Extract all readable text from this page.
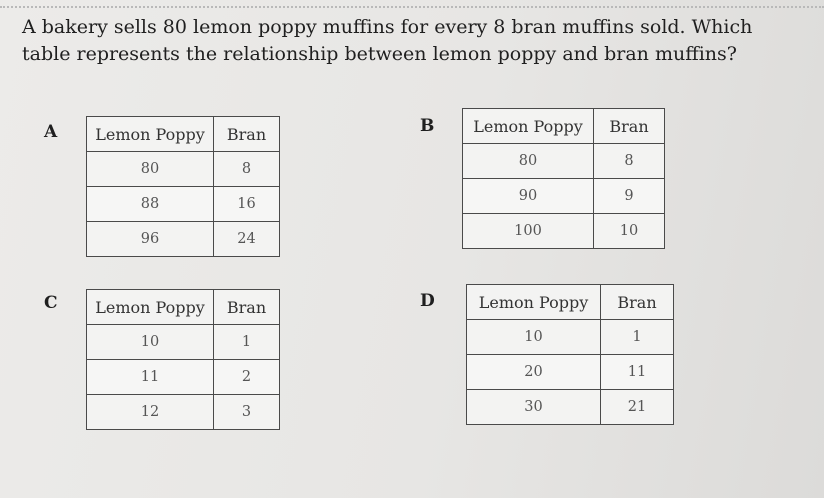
A bakery sells 80 lemon poppy muffins for every 8 bran muffins sold. Which table represents the relationship between lemon poppy and bran muffins?
A Lemon Poppy	Bran
80	8
88	16
96	24
B Lemon Poppy	Bran
80	8
90	9
100	10
C Lemon Poppy	Bran
10	1
11	2
12	3
D	Lemon Poppy	Bran
10	1
20	11
30	21
